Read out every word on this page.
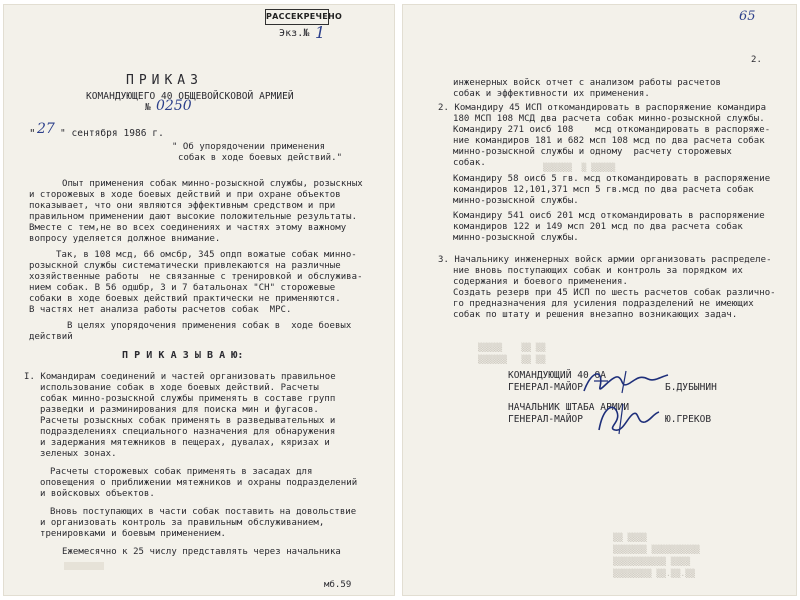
РАССЕКРЕЧЕНО
Экз.№ 1
ПРИКАЗ
КОМАНДУЮЩЕГО 40 ОБЩЕВОЙСКОВОЙ АРМИЕЙ
№ 0250
" 27 " сентября 1986 г.
" Об упорядочении применения
собак в ходе боевых действий."
Опыт применения собак минно-розыскной службы, розыскных
и сторожевых в ходе боевых действий и при охране объектов
показывает, что они являются эффективным средством и при
правильном применении дают высокие положительные результаты.
Вместе с тем,не во всех соединениях и частях этому важному
вопросу уделяется должное внимание.
Так, в 108 мсд, 66 омсбр, 345 опдп вожатые собак минно-
розыскной службы систематически привлекаются на различные
хозяйственные работы  не связанные с тренировкой и обслужива-
нием собак. В 56 одшбр, 3 и 7 батальонах "СН" сторожевые
собаки в ходе боевых действий практически не применяются.
В частях нет анализа работы расчетов собак  МРС.
В целях упорядочения применения собак в  ходе боевых
действий
П Р И К А З Ы В А Ю:
I. Командирам соединений и частей организовать правильное
использование собак в ходе боевых действий. Расчеты
собак минно-розыскной службы применять в составе групп
разведки и разминирования для поиска мин и фугасов.
Расчеты розыскных собак применять в разведывательных и
подразделениях специального назначения для обнаружения
и задержания мятежников в пещерах, дувалах, кяризах и
зеленых зонах.
Расчеты сторожевых собак применять в засадах для
оповещения о приближении мятежников и охраны подразделений
и войсковых объектов.
Вновь поступающих в части собак поставить на довольствие
и организовать контроль за правильным обслуживанием,
тренировками и боевым применением.
Ежемесячно к 25 числу представлять через начальника
мб.59
65
2.
инженерных войск отчет с анализом работы расчетов
собак и эффективности их применения.
2. Командиру 45 ИСП откомандировать в распоряжение командира
180 МСП 108 МСД два расчета собак минно-розыскной службы.
Командиру 271 оисб 108    мсд откомандировать в распоряже-
ние командиров 181 и 682 мсп 108 мсд по два расчета собак
минно-розыскной службы и одному  расчету сторожевых
собак.	▒▒▒▒▒▒  ▒ ▒▒▒▒▒
Командиру 58 оисб 5 гв. мсд откомандировать в распоряжение
командиров 12,101,371 мсп 5 гв.мсд по два расчета собак
минно-розыскной службы.
Командиру 541 оисб 201 мсд откомандировать в распоряжение
командиров 122 и 149 мсп 201 мсд по два расчета собак
минно-розыскной службы.
3. Начальнику инженерных войск армии организовать распределе-
ние вновь поступающих собак и контроль за порядком их
содержания и боевого применения.
Создать резерв при 45 ИСП по шесть расчетов собак различно-
го предназначения для усиления подразделений не имеющих
собак по штату и решения внезапно возникающих задач.
▒▒▒▒▒    ▒▒ ▒▒
▒▒▒▒▒▒   ▒▒ ▒▒
КОМАНДУЮЩИЙ 40 ОА
ГЕНЕРАЛ-МАЙОР	Б.ДУБЫНИН
НАЧАЛЬНИК ШТАБА АРМИИ
ГЕНЕРАЛ-МАЙОР	Ю.ГРЕКОВ
▒▒ ▒▒▒▒
▒▒▒▒▒▒▒ ▒▒▒▒▒▒▒▒▒▒
▒▒▒▒▒▒▒▒▒▒▒ ▒▒▒▒
▒▒▒▒▒▒▒▒ ▒▒.▒▒.▒▒
